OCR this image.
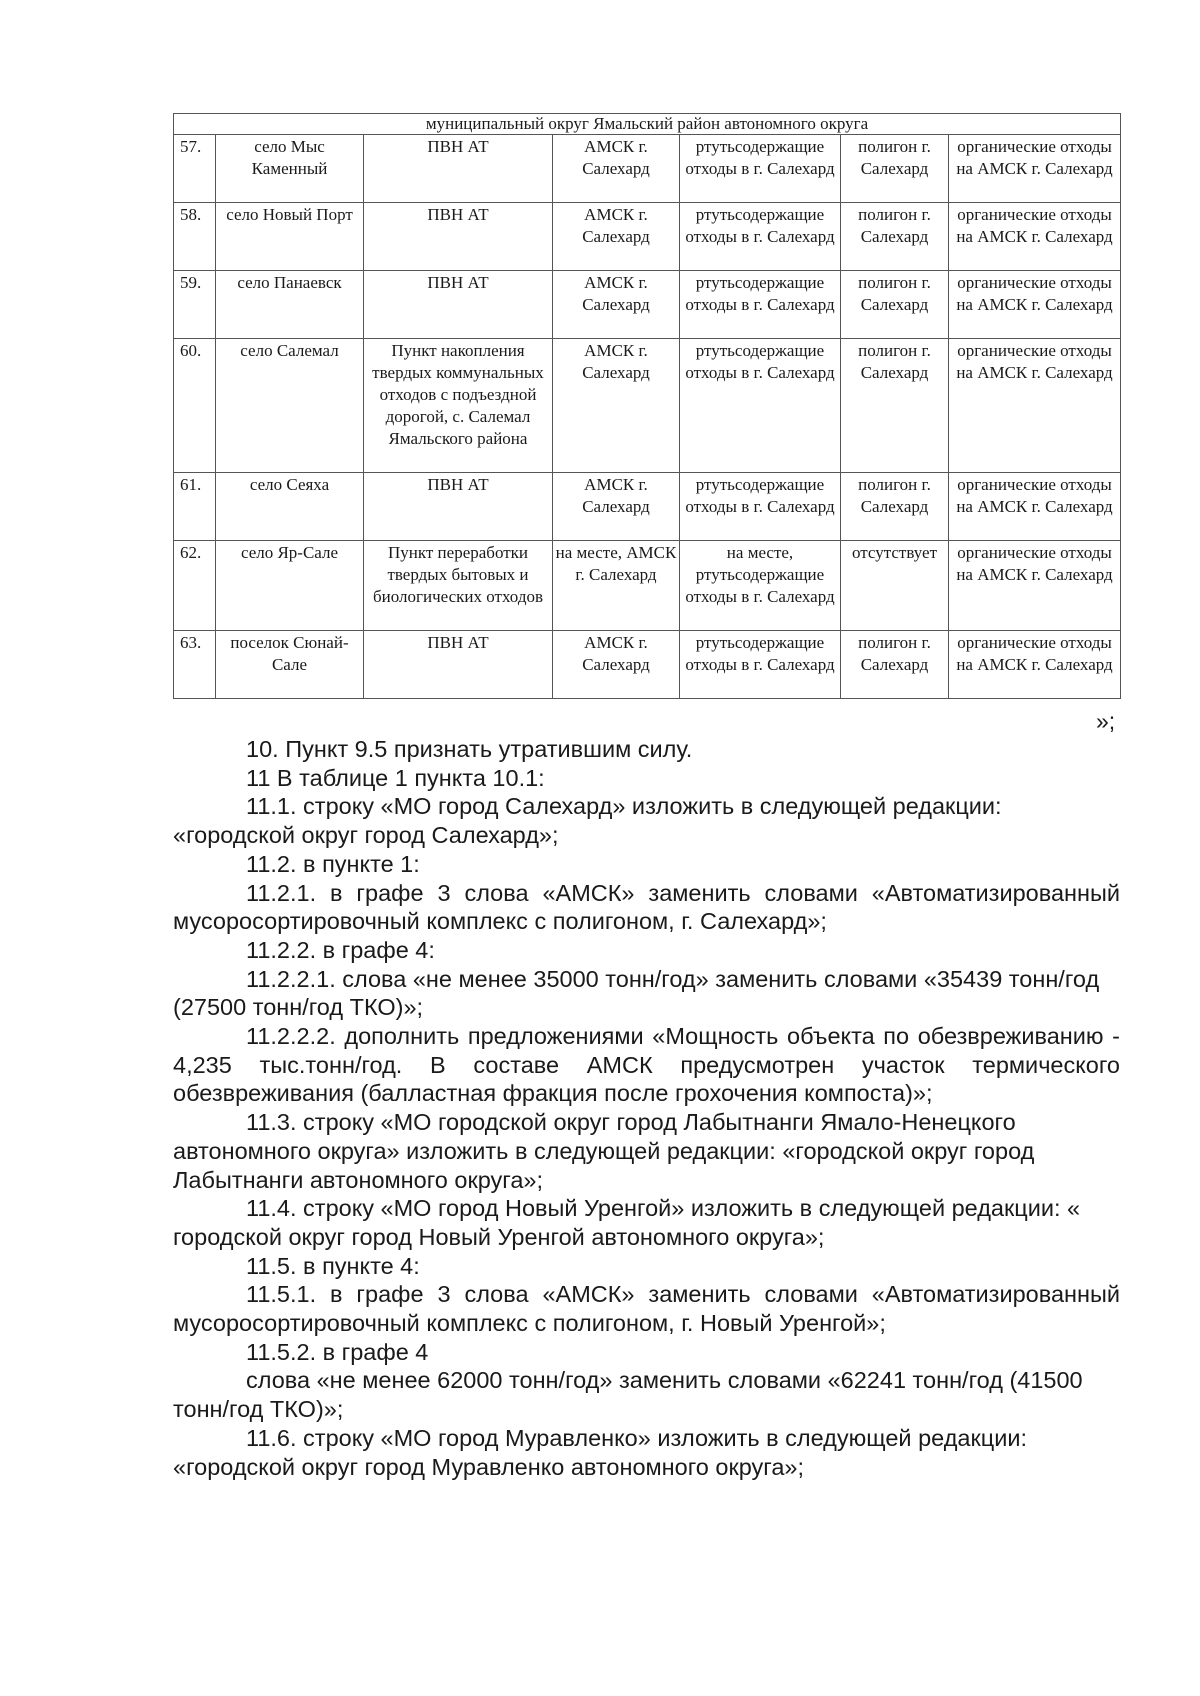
муниципальный округ Ямальский район автономного округа						
57.	село Мыс Каменный	ПВН АТ	АМСК г. Салехард	ртутьсодержащие отходы в г. Салехард	полигон г. Салехард	органические отходы на АМСК г. Салехард
58.	село Новый Порт	ПВН АТ	АМСК г. Салехард	ртутьсодержащие отходы в г. Салехард	полигон г. Салехард	органические отходы на АМСК г. Салехард
59.	село Панаевск	ПВН АТ	АМСК г. Салехард	ртутьсодержащие отходы в г. Салехард	полигон г. Салехард	органические отходы на АМСК г. Салехард
60.	село Салемал	Пункт накопления твердых коммунальных отходов с подъездной дорогой, с. Салемал Ямальского района	АМСК г. Салехард	ртутьсодержащие отходы в г. Салехард	полигон г. Салехард	органические отходы на АМСК г. Салехард
61.	село Сеяха	ПВН АТ	АМСК г. Салехард	ртутьсодержащие отходы в г. Салехард	полигон г. Салехард	органические отходы на АМСК г. Салехард
62.	село Яр-Сале	Пункт переработки твердых бытовых и биологических отходов	на месте, АМСК г. Салехард	на месте, ртутьсодержащие отходы в г. Салехард	отсутствует	органические отходы на АМСК г. Салехард
63.	поселок Сюнай-Сале	ПВН АТ	АМСК г. Салехард	ртутьсодержащие отходы в г. Салехард	полигон г. Салехард	органические отходы на АМСК г. Салехард
»;

10. Пункт 9.5 признать утратившим силу.

11 В таблице 1 пункта 10.1:

11.1. строку «МО город Салехард» изложить в следующей редакции: «городской округ город Салехард»;

11.2. в пункте 1:

11.2.1. в графе 3 слова «АМСК» заменить словами «Автоматизированный мусоросортировочный комплекс с полигоном, г. Салехард»;

11.2.2. в графе 4:

11.2.2.1. слова «не менее 35000 тонн/год» заменить словами «35439 тонн/год (27500 тонн/год ТКО)»;

11.2.2.2. дополнить предложениями «Мощность объекта по обезвреживанию - 4,235 тыс.тонн/год. В составе АМСК предусмотрен участок термического обезвреживания (балластная фракция после грохочения компоста)»;

11.3. строку «МО городской округ город Лабытнанги Ямало-Ненецкого автономного округа» изложить в следующей редакции: «городской округ город Лабытнанги автономного округа»;

11.4. строку «МО город Новый Уренгой» изложить в следующей редакции: « городской округ город Новый Уренгой автономного округа»;

11.5. в пункте 4:

11.5.1. в графе 3 слова «АМСК» заменить словами «Автоматизированный мусоросортировочный комплекс с полигоном, г. Новый Уренгой»;

11.5.2. в графе 4

слова «не менее 62000 тонн/год» заменить словами «62241 тонн/год (41500 тонн/год ТКО)»;

11.6. строку «МО город Муравленко» изложить в следующей редакции: «городской округ город Муравленко автономного округа»;
